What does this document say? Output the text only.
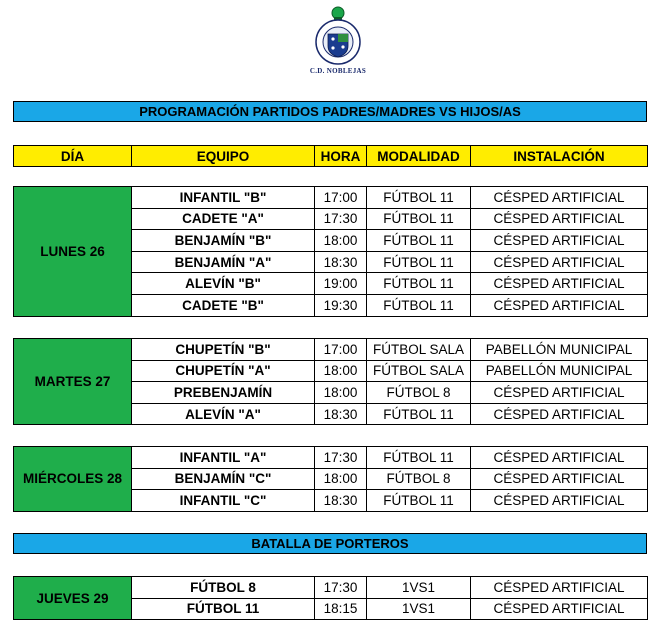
C.D. NOBLEJAS
PROGRAMACIÓN PARTIDOS PADRES/MADRES VS HIJOS/AS
DÍA	EQUIPO	HORA	MODALIDAD	INSTALACIÓN
LUNES 26	INFANTIL "B"	17:00	FÚTBOL 11	CÉSPED ARTIFICIAL
	CADETE "A"	17:30	FÚTBOL 11	CÉSPED ARTIFICIAL
	BENJAMÍN "B"	18:00	FÚTBOL 11	CÉSPED ARTIFICIAL
	BENJAMÍN "A"	18:30	FÚTBOL 11	CÉSPED ARTIFICIAL
	ALEVÍN "B"	19:00	FÚTBOL 11	CÉSPED ARTIFICIAL
	CADETE "B"	19:30	FÚTBOL 11	CÉSPED ARTIFICIAL
MARTES 27	CHUPETÍN "B"	17:00	FÚTBOL SALA	PABELLÓN MUNICIPAL
	CHUPETÍN "A"	18:00	FÚTBOL SALA	PABELLÓN MUNICIPAL
	PREBENJAMÍN	18:00	FÚTBOL 8	CÉSPED ARTIFICIAL
	ALEVÍN "A"	18:30	FÚTBOL 11	CÉSPED ARTIFICIAL
MIÉRCOLES 28	INFANTIL "A"	17:30	FÚTBOL 11	CÉSPED ARTIFICIAL
	BENJAMÍN "C"	18:00	FÚTBOL 8	CÉSPED ARTIFICIAL
	INFANTIL "C"	18:30	FÚTBOL 11	CÉSPED ARTIFICIAL
BATALLA DE PORTEROS
JUEVES 29	FÚTBOL 8	17:30	1VS1	CÉSPED ARTIFICIAL
	FÚTBOL 11	18:15	1VS1	CÉSPED ARTIFICIAL
